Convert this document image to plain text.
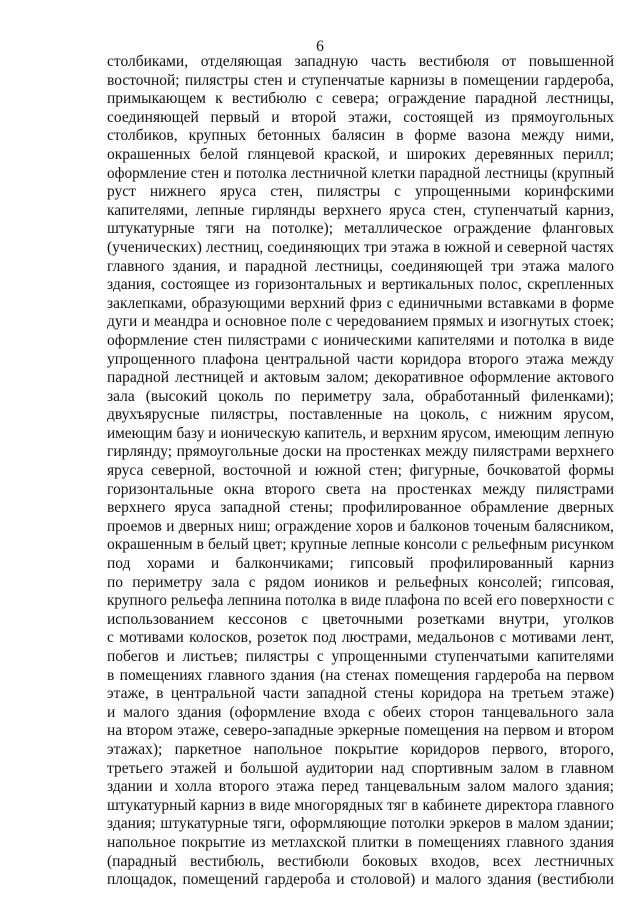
6
столбиками, отделяющая западную часть вестибюля от повышенной
восточной; пилястры стен и ступенчатые карнизы в помещении гардероба,
примыкающем к вестибюлю с севера; ограждение парадной лестницы,
соединяющей первый и второй этажи, состоящей из прямоугольных
столбиков, крупных бетонных балясин в форме вазона между ними,
окрашенных белой глянцевой краской, и широких деревянных перилл;
оформление стен и потолка лестничной клетки парадной лестницы (крупный
руст нижнего яруса стен, пилястры с упрощенными коринфскими
капителями, лепные гирлянды верхнего яруса стен, ступенчатый карниз,
штукатурные тяги на потолке); металлическое ограждение фланговых
(ученических) лестниц, соединяющих три этажа в южной и северной частях
главного здания, и парадной лестницы, соединяющей три этажа малого
здания, состоящее из горизонтальных и вертикальных полос, скрепленных
заклепками, образующими верхний фриз с единичными вставками в форме
дуги и меандра и основное поле с чередованием прямых и изогнутых стоек;
оформление стен пилястрами с ионическими капителями и потолка в виде
упрощенного плафона центральной части коридора второго этажа между
парадной лестницей и актовым залом; декоративное оформление актового
зала (высокий цоколь по периметру зала, обработанный филенками);
двухъярусные пилястры, поставленные на цоколь, с нижним ярусом,
имеющим базу и ионическую капитель, и верхним ярусом, имеющим лепную
гирлянду; прямоугольные доски на простенках между пилястрами верхнего
яруса северной, восточной и южной стен; фигурные, бочковатой формы
горизонтальные окна второго света на простенках между пилястрами
верхнего яруса западной стены; профилированное обрамление дверных
проемов и дверных ниш; ограждение хоров и балконов точеным балясником,
окрашенным в белый цвет; крупные лепные консоли с рельефным рисунком
под хорами и балкончиками; гипсовый профилированный карниз
по периметру зала с рядом иоников и рельефных консолей; гипсовая,
крупного рельефа лепнина потолка в виде плафона по всей его поверхности с
использованием кессонов с цветочными розетками внутри, уголков
с мотивами колосков, розеток под люстрами, медальонов с мотивами лент,
побегов и листьев; пилястры с упрощенными ступенчатыми капителями
в помещениях главного здания (на стенах помещения гардероба на первом
этаже, в центральной части западной стены коридора на третьем этаже)
и малого здания (оформление входа с обеих сторон танцевального зала
на втором этаже, северо-западные эркерные помещения на первом и втором
этажах); паркетное напольное покрытие коридоров первого, второго,
третьего этажей и большой аудитории над спортивным залом в главном
здании и холла второго этажа перед танцевальным залом малого здания;
штукатурный карниз в виде многорядных тяг в кабинете директора главного
здания; штукатурные тяги, оформляющие потолки эркеров в малом здании;
напольное покрытие из метлахской плитки в помещениях главного здания
(парадный вестибюль, вестибюли боковых входов, всех лестничных
площадок, помещений гардероба и столовой) и малого здания (вестибюли
